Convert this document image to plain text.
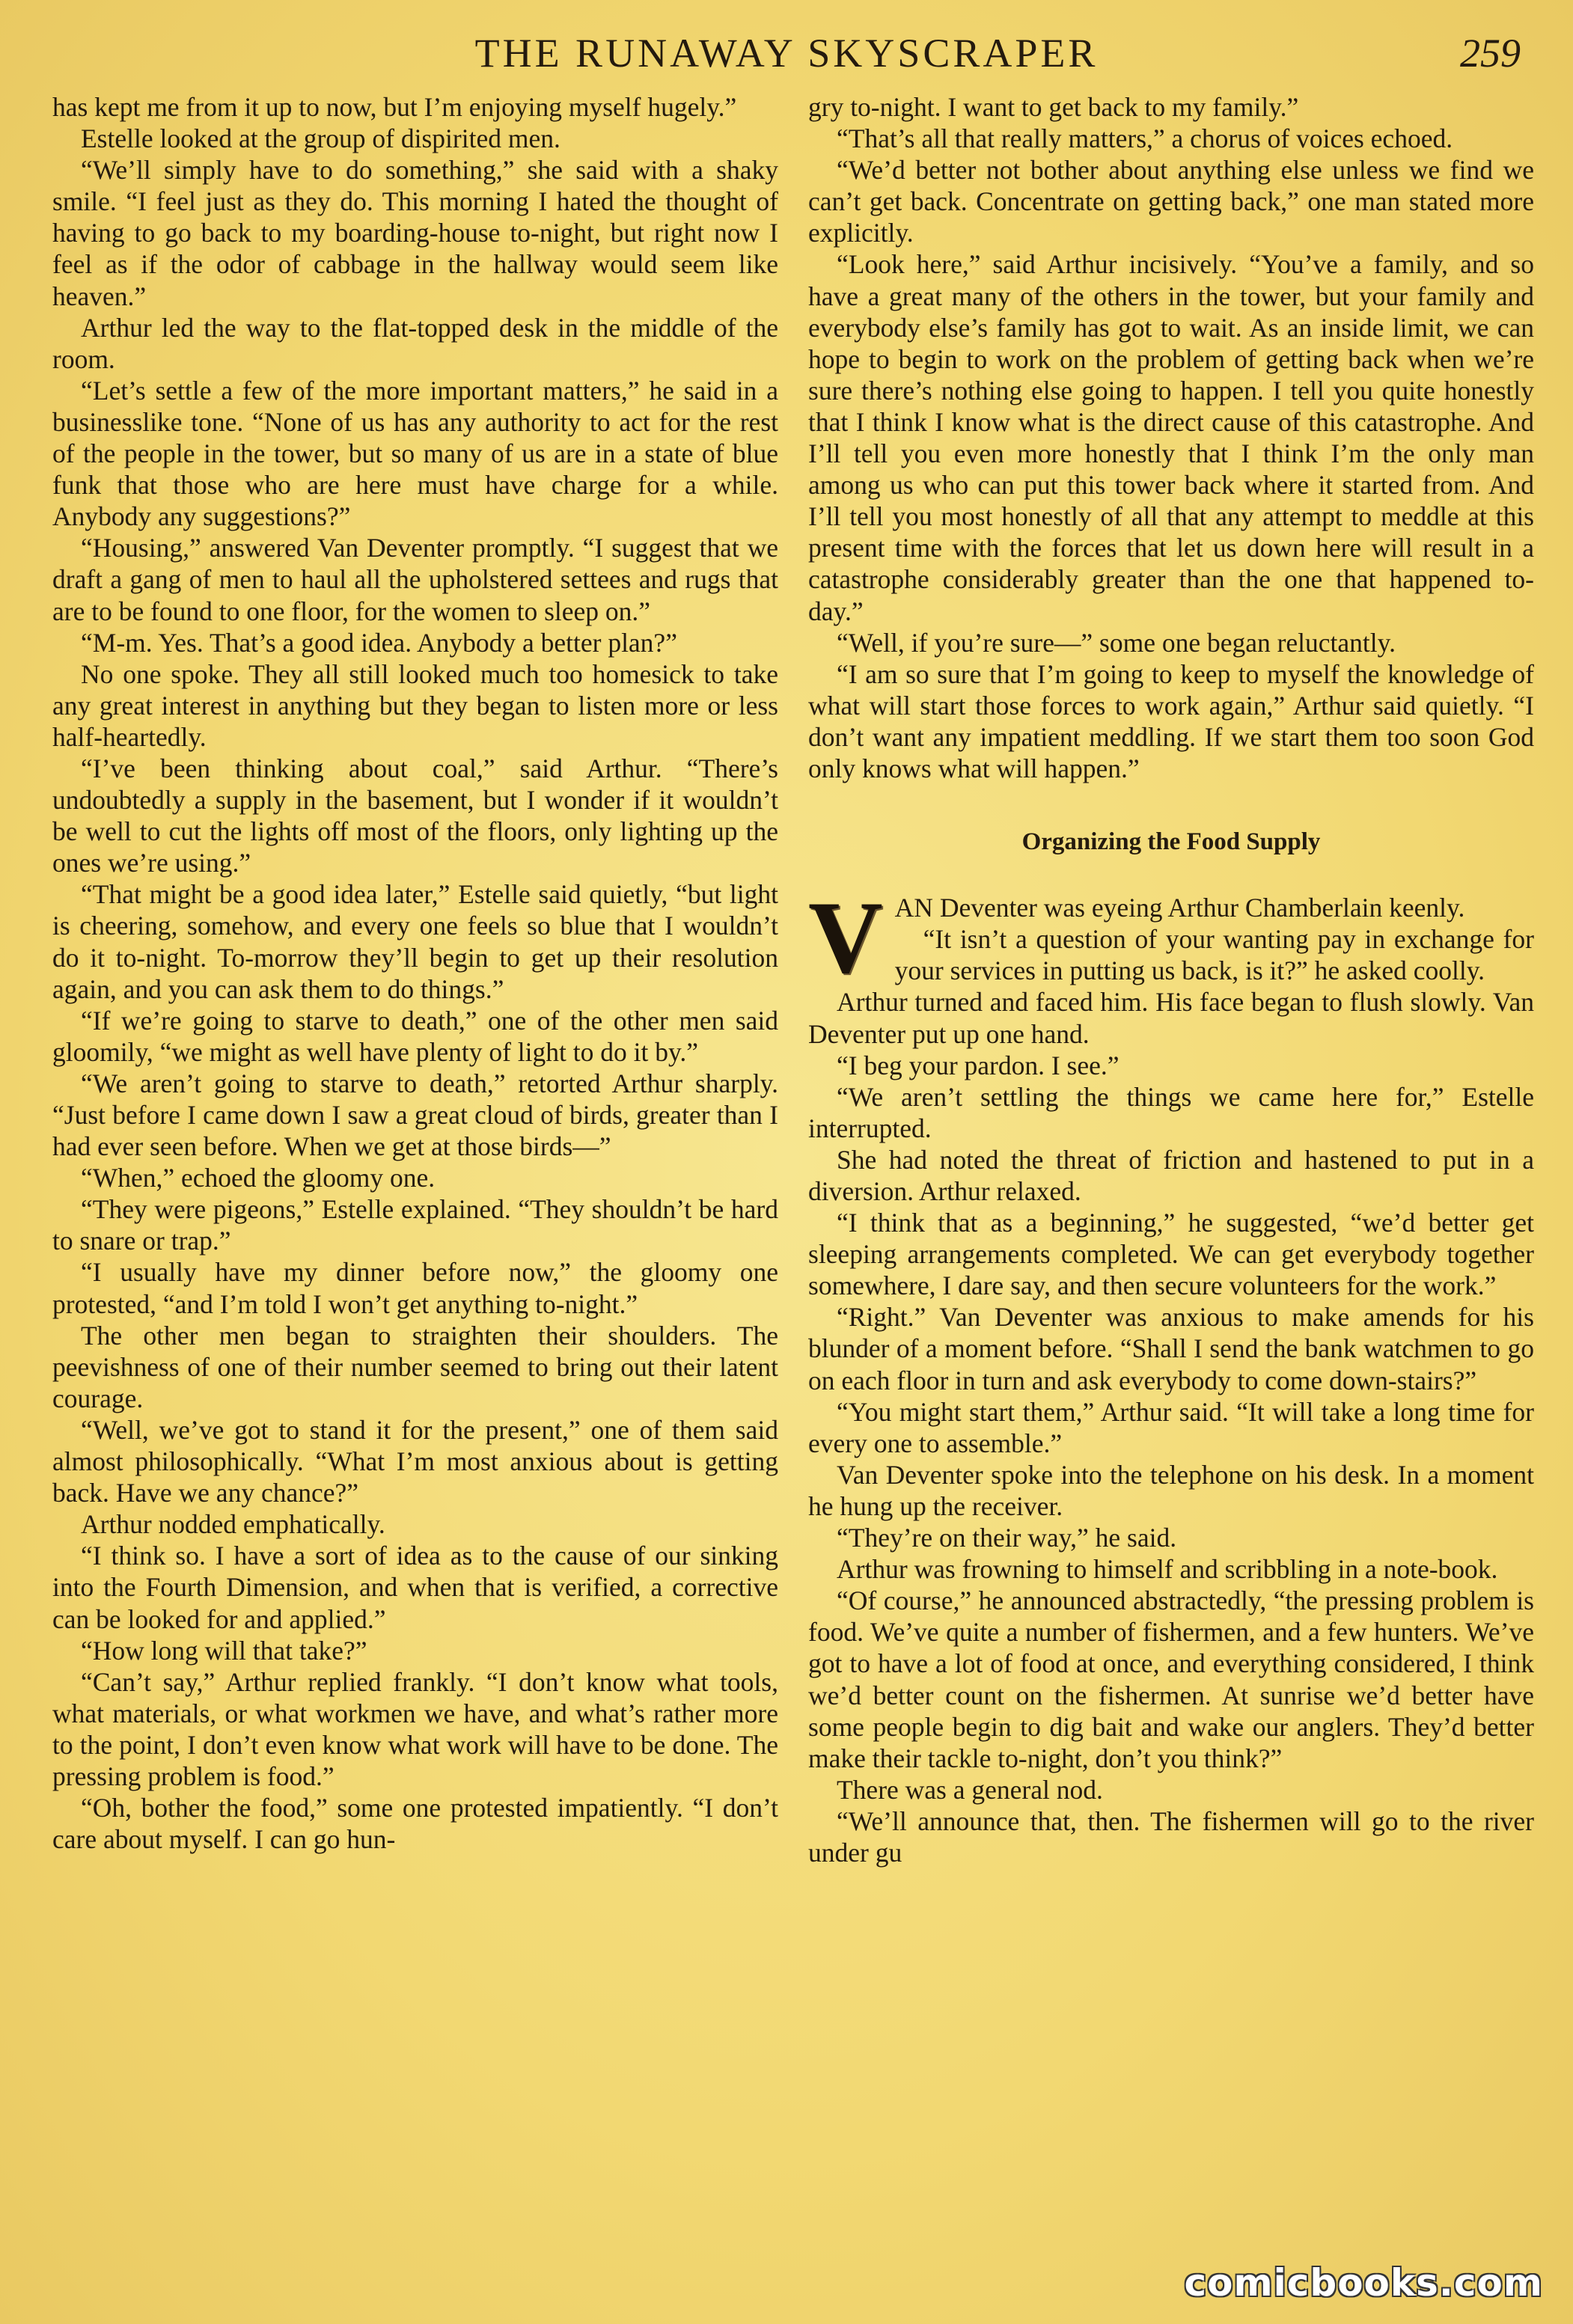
THE RUNAWAY SKYSCRAPER	259

has kept me from it up to now, but I’m enjoying myself hugely.”

Estelle looked at the group of dispirited men.

“We’ll simply have to do something,” she said with a shaky smile. “I feel just as they do. This morning I hated the thought of having to go back to my boarding-house to-night, but right now I feel as if the odor of cabbage in the hallway would seem like heaven.”

Arthur led the way to the flat-topped desk in the middle of the room.

“Let’s settle a few of the more important matters,” he said in a businesslike tone. “None of us has any authority to act for the rest of the people in the tower, but so many of us are in a state of blue funk that those who are here must have charge for a while. Anybody any suggestions?”

“Housing,” answered Van Deventer promptly. “I suggest that we draft a gang of men to haul all the upholstered settees and rugs that are to be found to one floor, for the women to sleep on.”

“M-m. Yes. That’s a good idea. Anybody a better plan?”

No one spoke. They all still looked much too homesick to take any great interest in anything but they began to listen more or less half-heartedly.

“I’ve been thinking about coal,” said Arthur. “There’s undoubtedly a supply in the basement, but I wonder if it wouldn’t be well to cut the lights off most of the floors, only lighting up the ones we’re using.”

“That might be a good idea later,” Estelle said quietly, “but light is cheering, somehow, and every one feels so blue that I wouldn’t do it to-night. To-morrow they’ll begin to get up their resolution again, and you can ask them to do things.”

“If we’re going to starve to death,” one of the other men said gloomily, “we might as well have plenty of light to do it by.”

“We aren’t going to starve to death,” retorted Arthur sharply. “Just before I came down I saw a great cloud of birds, greater than I had ever seen before. When we get at those birds—”

“When,” echoed the gloomy one.

“They were pigeons,” Estelle explained. “They shouldn’t be hard to snare or trap.”

“I usually have my dinner before now,” the gloomy one protested, “and I’m told I won’t get anything to-night.”

The other men began to straighten their shoulders. The peevishness of one of their number seemed to bring out their latent courage.

“Well, we’ve got to stand it for the present,” one of them said almost philosophically. “What I’m most anxious about is getting back. Have we any chance?”

Arthur nodded emphatically.

“I think so. I have a sort of idea as to the cause of our sinking into the Fourth Dimension, and when that is verified, a corrective can be looked for and applied.”

“How long will that take?”

“Can’t say,” Arthur replied frankly. “I don’t know what tools, what materials, or what workmen we have, and what’s rather more to the point, I don’t even know what work will have to be done. The pressing problem is food.”

“Oh, bother the food,” some one protested impatiently. “I don’t care about myself. I can go hun-

gry to-night. I want to get back to my family.”

“That’s all that really matters,” a chorus of voices echoed.

“We’d better not bother about anything else unless we find we can’t get back. Concentrate on getting back,” one man stated more explicitly.

“Look here,” said Arthur incisively. “You’ve a family, and so have a great many of the others in the tower, but your family and everybody else’s family has got to wait. As an inside limit, we can hope to begin to work on the problem of getting back when we’re sure there’s nothing else going to happen. I tell you quite honestly that I think I know what is the direct cause of this catastrophe. And I’ll tell you even more honestly that I think I’m the only man among us who can put this tower back where it started from. And I’ll tell you most honestly of all that any attempt to meddle at this present time with the forces that let us down here will result in a catastrophe considerably greater than the one that happened to-day.”

“Well, if you’re sure—” some one began reluctantly.

“I am so sure that I’m going to keep to myself the knowledge of what will start those forces to work again,” Arthur said quietly. “I don’t want any impatient meddling. If we start them too soon God only knows what will happen.”

Organizing the Food Supply

VAN Deventer was eyeing Arthur Chamberlain keenly.

“It isn’t a question of your wanting pay in exchange for your services in putting us back, is it?” he asked coolly.

Arthur turned and faced him. His face began to flush slowly. Van Deventer put up one hand.

“I beg your pardon. I see.”

“We aren’t settling the things we came here for,” Estelle interrupted.

She had noted the threat of friction and hastened to put in a diversion. Arthur relaxed.

“I think that as a beginning,” he suggested, “we’d better get sleeping arrangements completed. We can get everybody together somewhere, I dare say, and then secure volunteers for the work.”

“Right.” Van Deventer was anxious to make amends for his blunder of a moment before. “Shall I send the bank watchmen to go on each floor in turn and ask everybody to come down-stairs?”

“You might start them,” Arthur said. “It will take a long time for every one to assemble.”

Van Deventer spoke into the telephone on his desk. In a moment he hung up the receiver.

“They’re on their way,” he said.

Arthur was frowning to himself and scribbling in a note-book.

“Of course,” he announced abstractedly, “the pressing problem is food. We’ve quite a number of fishermen, and a few hunters. We’ve got to have a lot of food at once, and everything considered, I think we’d better count on the fishermen. At sunrise we’d better have some people begin to dig bait and wake our anglers. They’d better make their tackle to-night, don’t you think?”

There was a general nod.

“We’ll announce that, then. The fishermen will go to the river under gu

comicbooks.com
